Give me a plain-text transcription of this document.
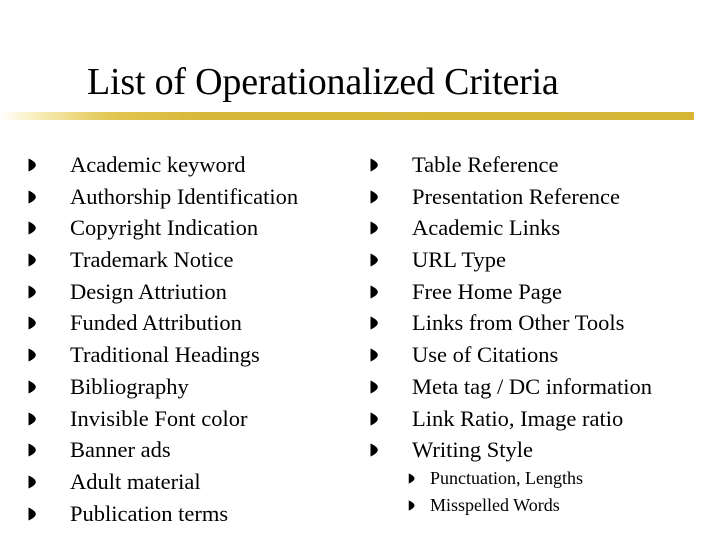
List of Operationalized Criteria
Academic keyword
Authorship Identification
Copyright Indication
Trademark Notice
Design Attriution
Funded Attribution
Traditional Headings
Bibliography
Invisible Font color
Banner ads
Adult material
Publication terms
Table Reference
Presentation Reference
Academic Links
URL Type
Free Home Page
Links from Other Tools
Use of Citations
Meta tag / DC information
Link Ratio, Image ratio
Writing Style
Punctuation, Lengths
Misspelled Words
